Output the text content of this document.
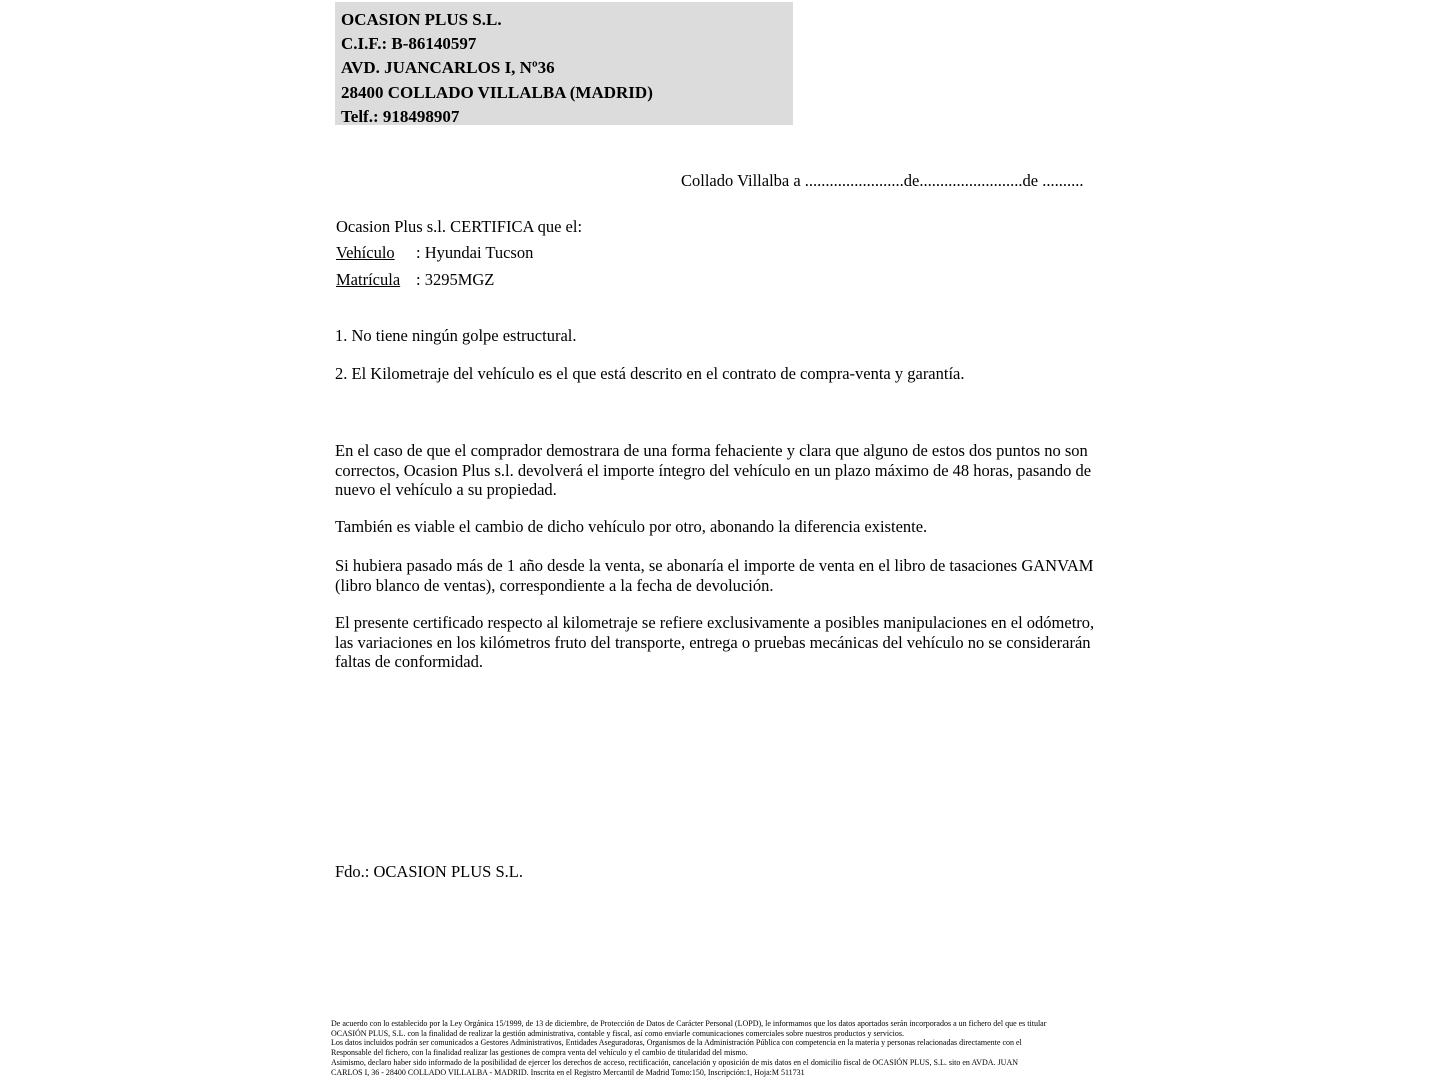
OCASION PLUS S.L.
C.I.F.: B-86140597
AVD. JUANCARLOS I, Nº36
28400 COLLADO VILLALBA (MADRID)
Telf.: 918498907
Collado Villalba a ........................de.........................de ..........
Ocasion Plus s.l. CERTIFICA que el:
Vehículo : Hyundai Tucson
Matrícula : 3295MGZ
1. No tiene ningún golpe estructural.
2. El Kilometraje del vehículo es el que está descrito en el contrato de compra-venta y garantía.
En el caso de que el comprador demostrara de una forma fehaciente y clara que alguno de estos dos puntos no son correctos, Ocasion Plus s.l. devolverá el importe íntegro del vehículo en un plazo máximo de 48 horas, pasando de nuevo el vehículo a su propiedad.
También es viable el cambio de dicho vehículo por otro, abonando la diferencia existente.
Si hubiera pasado más de 1 año desde la venta, se abonaría el importe de venta en el libro de tasaciones GANVAM (libro blanco de ventas), correspondiente a la fecha de devolución.
El presente certificado respecto al kilometraje se refiere exclusivamente a posibles manipulaciones en el odómetro, las variaciones en los kilómetros fruto del transporte, entrega o pruebas mecánicas del vehículo no se considerarán faltas de conformidad.
Fdo.: OCASION PLUS S.L.
De acuerdo con lo establecido por la Ley Orgánica 15/1999, de 13 de diciembre, de Protección de Datos de Carácter Personal (LOPD), le informamos que los datos aportados serán incorporados a un fichero del que es titular
OCASIÓN PLUS, S.L. con la finalidad de realizar la gestión administrativa, contable y fiscal, así como enviarle comunicaciones comerciales sobre nuestros productos y servicios.
Los datos incluidos podrán ser comunicados a Gestores Administrativos, Entidades Aseguradoras, Organismos de la Administración Pública con competencia en la materia y personas relacionadas directamente con el
Responsable del fichero, con la finalidad realizar las gestiones de compra venta del vehículo y el cambio de titularidad del mismo.
Asimismo, declaro haber sido informado de la posibilidad de ejercer los derechos de acceso, rectificación, cancelación y oposición de mis datos en el domicilio fiscal de OCASIÓN PLUS, S.L. sito en AVDA. JUAN
CARLOS I, 36 - 28400 COLLADO VILLALBA - MADRID. Inscrita en el Registro Mercantil de Madrid Tomo:150, Inscripción:1, Hoja:M 511731
